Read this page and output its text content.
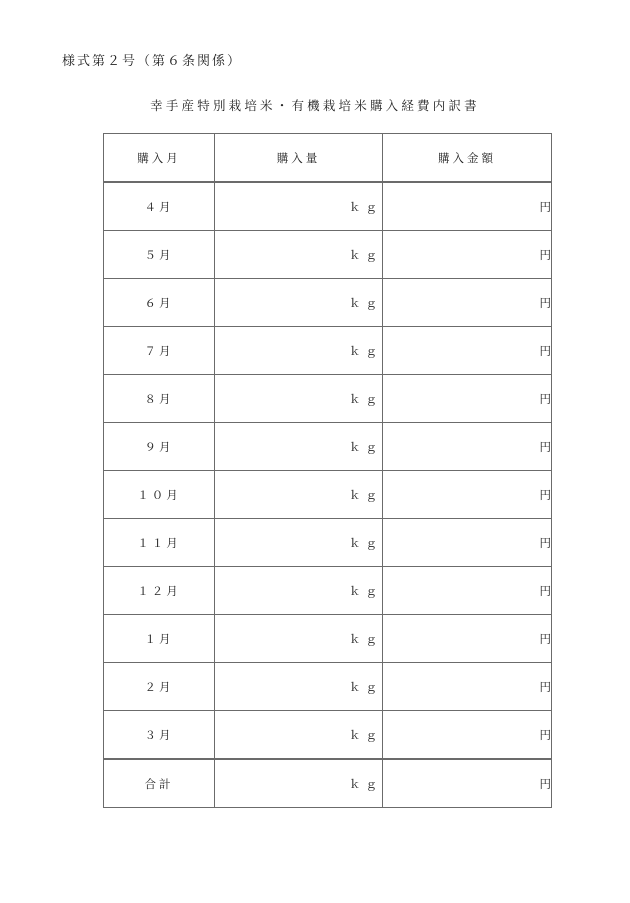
様式第２号（第６条関係）
幸手産特別栽培米・有機栽培米購入経費内訳書
購入月	購入量	購入金額
４月	ｋｇ	円
５月	ｋｇ	円
６月	ｋｇ	円
７月	ｋｇ	円
８月	ｋｇ	円
９月	ｋｇ	円
１０月	ｋｇ	円
１１月	ｋｇ	円
１２月	ｋｇ	円
１月	ｋｇ	円
２月	ｋｇ	円
３月	ｋｇ	円
合計	ｋｇ	円
